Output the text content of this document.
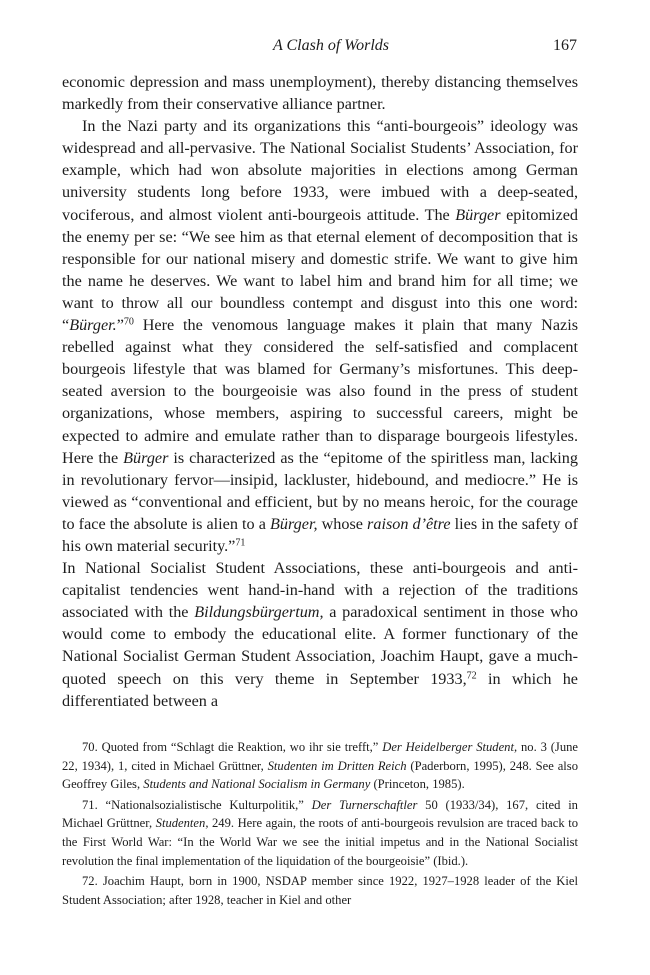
A Clash of Worlds	167

economic depression and mass unemployment), thereby distancing themselves markedly from their conservative alliance partner.

In the Nazi party and its organizations this “anti-bourgeois” ideology was widespread and all-pervasive. The National Socialist Students’ Association, for example, which had won absolute majorities in elections among German university students long before 1933, were imbued with a deep-seated, vociferous, and almost violent anti-bourgeois attitude. The Bürger epitomized the enemy per se: “We see him as that eternal element of decomposition that is responsible for our national misery and domestic strife. We want to give him the name he deserves. We want to label him and brand him for all time; we want to throw all our boundless contempt and disgust into this one word: “Bürger.”$^{70}$ Here the venomous language makes it plain that many Nazis rebelled against what they considered the self-satisfied and complacent bourgeois lifestyle that was blamed for Germany’s misfortunes. This deep-seated aversion to the bourgeoisie was also found in the press of student organizations, whose members, aspiring to successful careers, might be expected to admire and emulate rather than to disparage bourgeois lifestyles. Here the Bürger is characterized as the “epitome of the spiritless man, lacking in revolutionary fervor—insipid, lackluster, hidebound, and mediocre.” He is viewed as “conventional and efficient, but by no means heroic, for the courage to face the absolute is alien to a Bürger, whose raison d’être lies in the safety of his own material security.”$^{71}$

In National Socialist Student Associations, these anti-bourgeois and anti-capitalist tendencies went hand-in-hand with a rejection of the traditions associated with the Bildungsbürgertum, a paradoxical sentiment in those who would come to embody the educational elite. A former functionary of the National Socialist German Student Association, Joachim Haupt, gave a much-quoted speech on this very theme in September 1933,72 in which he differentiated between a

70. Quoted from “Schlagt die Reaktion, wo ihr sie trefft,” Der Heidelberger Student, no. 3 (June 22, 1934), 1, cited in Michael Grüttner, Studenten im Dritten Reich (Paderborn, 1995), 248. See also Geoffrey Giles, Students and National Socialism in Germany (Princeton, 1985).

71. “Nationalsozialistische Kulturpolitik,” Der Turnerschaftler 50 (1933/34), 167, cited in Michael Grüttner, Studenten, 249. Here again, the roots of anti-bourgeois revulsion are traced back to the First World War: “In the World War we see the initial impetus and in the National Socialist revolution the final implementation of the liquidation of the bourgeoisie” (Ibid.).

72. Joachim Haupt, born in 1900, NSDAP member since 1922, 1927–1928 leader of the Kiel Student Association; after 1928, teacher in Kiel and other
